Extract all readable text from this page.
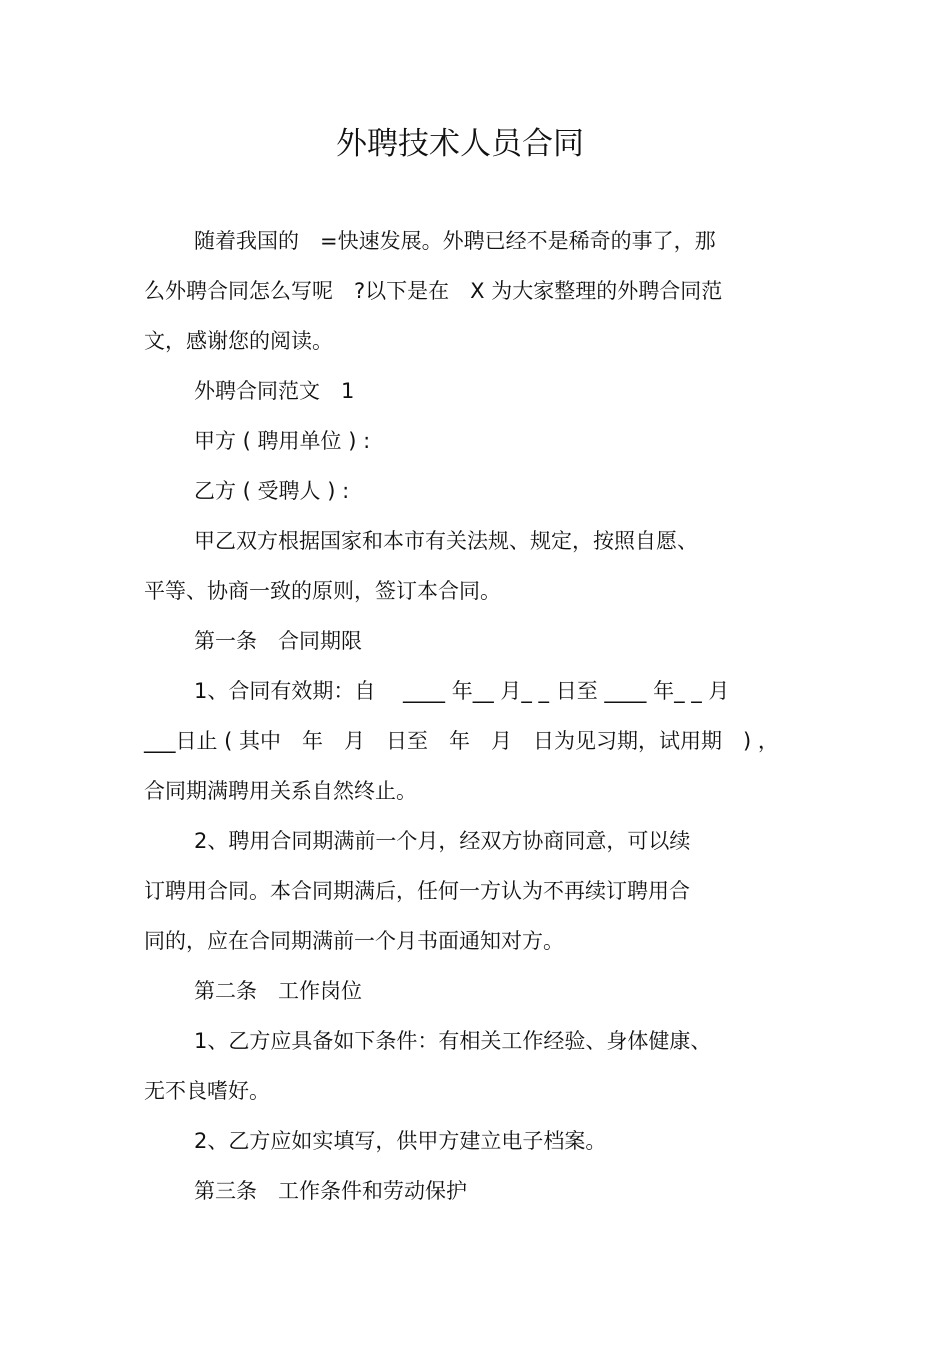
外聘技术人员合同
随着我国的　=快速发展。外聘已经不是稀奇的事了，那
么外聘合同怎么写呢　?以下是在　X 为大家整理的外聘合同范
文，感谢您的阅读。
外聘合同范文　1
甲方 ( 聘用单位 ) :
乙方 ( 受聘人 ) :
甲乙双方根据国家和本市有关法规、规定，按照自愿、
平等、协商一致的原则，签订本合同。
第一条　合同期限
1、合同有效期：自　 ____ 年__ 月_ _ 日至 ____ 年_ _ 月
___日止 ( 其中　年　月　日至　年　月　日为见习期，试用期　) ，
合同期满聘用关系自然终止。
2、聘用合同期满前一个月，经双方协商同意，可以续
订聘用合同。本合同期满后，任何一方认为不再续订聘用合
同的，应在合同期满前一个月书面通知对方。
第二条　工作岗位
1、乙方应具备如下条件：有相关工作经验、身体健康、
无不良嗜好。
2、乙方应如实填写，供甲方建立电子档案。
第三条　工作条件和劳动保护
